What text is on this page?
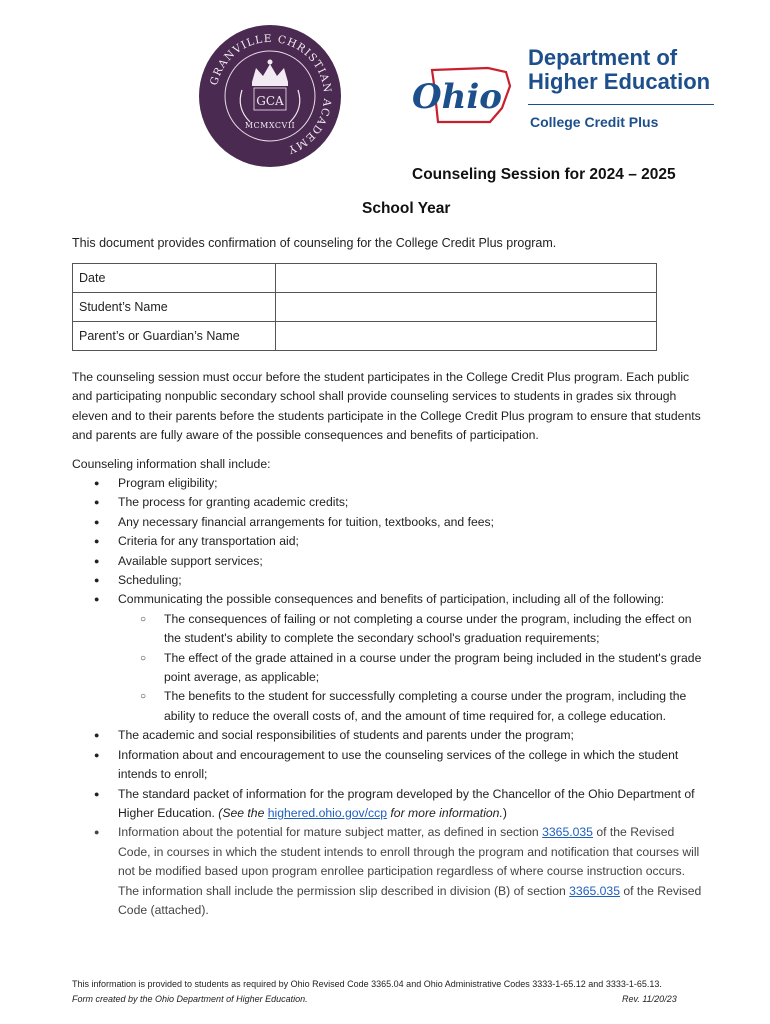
GRANVILLE CHRISTIAN ACADEMY
GCA
MCMXCVII
Ohio
Department of
Higher Education
College Credit Plus
Counseling Session for 2024 – 2025
School Year
This document provides confirmation of counseling for the College Credit Plus program.
Date	
Student’s Name	
Parent’s or Guardian’s Name	
The counseling session must occur before the student participates in the College Credit Plus program. Each public and participating nonpublic secondary school shall provide counseling services to students in grades six through eleven and to their parents before the students participate in the College Credit Plus program to ensure that students and parents are fully aware of the possible consequences and benefits of participation.
Counseling information shall include:
● Program eligibility;
● The process for granting academic credits;
● Any necessary financial arrangements for tuition, textbooks, and fees;
● Criteria for any transportation aid;
● Available support services;
● Scheduling;
● Communicating the possible consequences and benefits of participation, including all of the following:
○ The consequences of failing or not completing a course under the program, including the effect on the student's ability to complete the secondary school's graduation requirements;
○ The effect of the grade attained in a course under the program being included in the student's grade point average, as applicable;
○ The benefits to the student for successfully completing a course under the program, including the ability to reduce the overall costs of, and the amount of time required for, a college education.
● The academic and social responsibilities of students and parents under the program;
● Information about and encouragement to use the counseling services of the college in which the student intends to enroll;
● The standard packet of information for the program developed by the Chancellor of the Ohio Department of Higher Education. (See the highered.ohio.gov/ccp for more information.)
● Information about the potential for mature subject matter, as defined in section 3365.035 of the Revised Code, in courses in which the student intends to enroll through the program and notification that courses will not be modified based upon program enrollee participation regardless of where course instruction occurs. The information shall include the permission slip described in division (B) of section 3365.035 of the Revised Code (attached).
This information is provided to students as required by Ohio Revised Code 3365.04 and Ohio Administrative Codes 3333-1-65.12 and 3333-1-65.13.
Form created by the Ohio Department of Higher Education.	Rev. 11/20/23
